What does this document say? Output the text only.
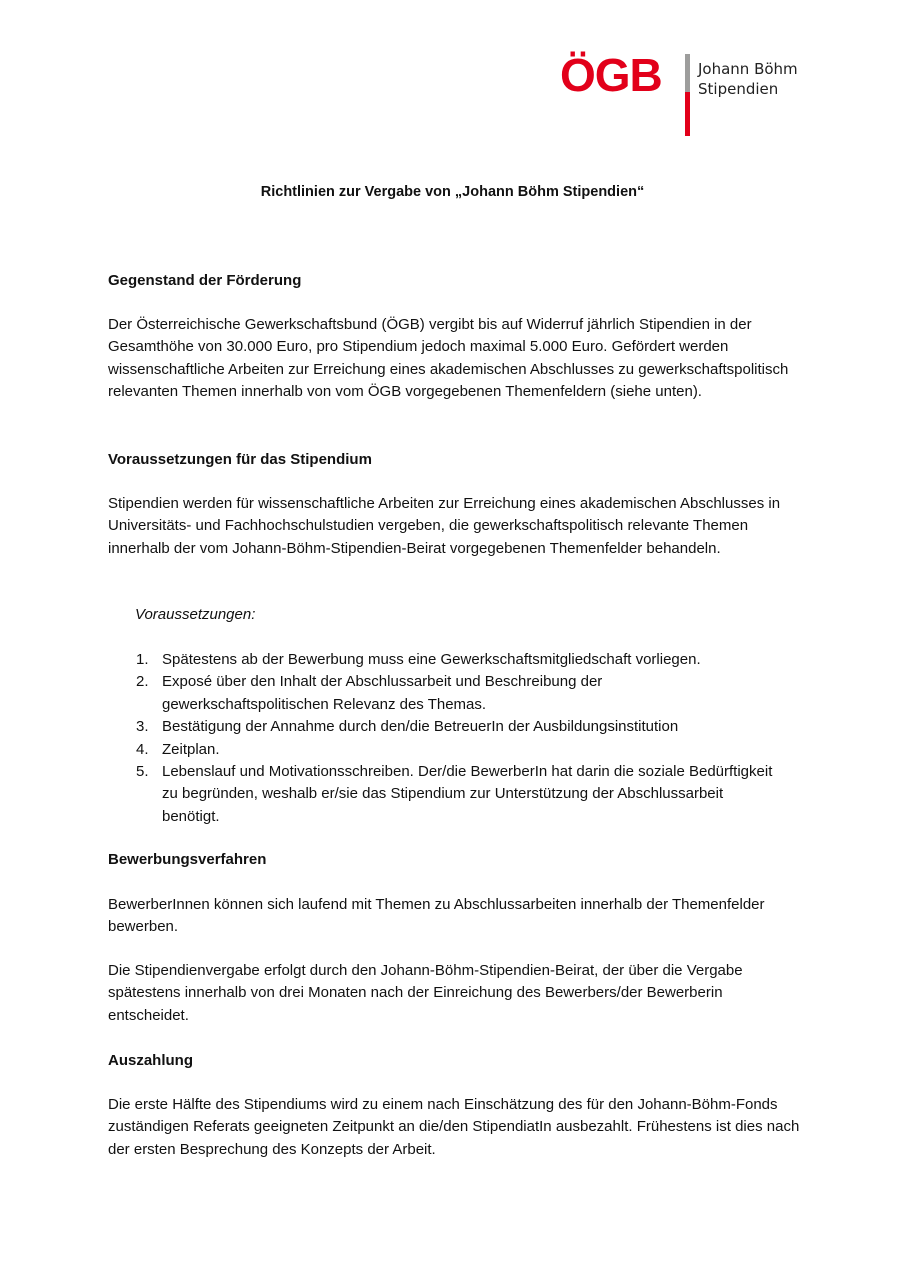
ÖGB Johann Böhm
Stipendien
Richtlinien zur Vergabe von „Johann Böhm Stipendien“
Gegenstand der Förderung
Der Österreichische Gewerkschaftsbund (ÖGB) vergibt bis auf Widerruf jährlich Stipendien in der Gesamthöhe von 30.000 Euro, pro Stipendium jedoch maximal 5.000 Euro. Gefördert werden wissenschaftliche Arbeiten zur Erreichung eines akademischen Abschlusses zu gewerkschaftspolitisch relevanten Themen innerhalb von vom ÖGB vorgegebenen Themenfeldern (siehe unten).
Voraussetzungen für das Stipendium
Stipendien werden für wissenschaftliche Arbeiten zur Erreichung eines akademischen Abschlusses in Universitäts- und Fachhochschulstudien vergeben, die gewerkschaftspolitisch relevante Themen innerhalb der vom Johann-Böhm-Stipendien-Beirat vorgegebenen Themenfelder behandeln.
Voraussetzungen:
1. Spätestens ab der Bewerbung muss eine Gewerkschaftsmitgliedschaft vorliegen.
2. Exposé über den Inhalt der Abschlussarbeit und Beschreibung der gewerkschaftspolitischen Relevanz des Themas.
3. Bestätigung der Annahme durch den/die BetreuerIn der Ausbildungsinstitution
4. Zeitplan.
5. Lebenslauf und Motivationsschreiben. Der/die BewerberIn hat darin die soziale Bedürftigkeit zu begründen, weshalb er/sie das Stipendium zur Unterstützung der Abschlussarbeit benötigt.
Bewerbungsverfahren
BewerberInnen können sich laufend mit Themen zu Abschlussarbeiten innerhalb der Themenfelder bewerben.
Die Stipendienvergabe erfolgt durch den Johann-Böhm-Stipendien-Beirat, der über die Vergabe spätestens innerhalb von drei Monaten nach der Einreichung des Bewerbers/der Bewerberin entscheidet.
Auszahlung
Die erste Hälfte des Stipendiums wird zu einem nach Einschätzung des für den Johann-Böhm-Fonds zuständigen Referats geeigneten Zeitpunkt an die/den StipendiatIn ausbezahlt. Frühestens ist dies nach der ersten Besprechung des Konzepts der Arbeit.
